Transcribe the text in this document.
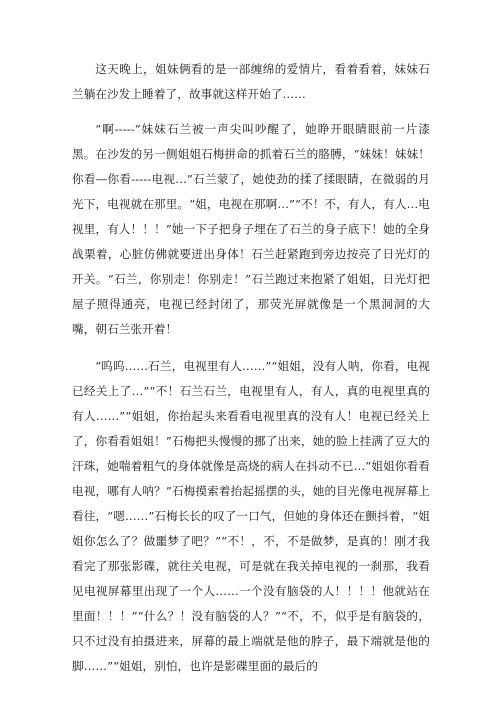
这天晚上，姐妹俩看的是一部缠绵的爱情片，看着看着，妹妹石兰躺在沙发上睡着了，故事就这样开始了……

“啊-----”妹妹石兰被一声尖叫吵醒了，她睁开眼睛眼前一片漆黑。在沙发的另一侧姐姐石梅拼命的抓着石兰的胳膊，“妹妹！妹妹！你看—你看-----电视…”石兰蒙了，她使劲的揉了揉眼睛，在微弱的月光下，电视就在那里。“姐，电视在那啊…”“不！不，有人，有人…电视里，有人！！！”她一下子把身子埋在了石兰的身子底下！她的全身战栗着，心脏仿佛就要迸出身体！石兰赶紧跑到旁边按亮了日光灯的开关。“石兰，你别走！你别走！”石兰跑过来抱紧了姐姐，日光灯把屋子照得通亮，电视已经封闭了，那荧光屏就像是一个黑洞洞的大嘴，朝石兰张开着！

“呜呜……石兰，电视里有人……”“姐姐，没有人呐，你看，电视已经关上了…”“不！石兰石兰，电视里有人，有人，真的电视里真的有人……”“姐姐，你抬起头来看看电视里真的没有人！电视已经关上了，你看看姐姐！”石梅把头慢慢的挪了出来，她的脸上挂满了豆大的汗珠，她喘着粗气的身体就像是高烧的病人在抖动不已…“姐姐你看看电视，哪有人呐？”石梅摸索着抬起摇摆的头，她的目光像电视屏幕上看往，“嗯……”石梅长长的叹了一口气，但她的身体还在颤抖着，“姐姐你怎么了？做噩梦了吧？”“不！，不，不是做梦，是真的！刚才我看完了那张影碟，就往关电视，可是就在我关掉电视的一刹那，我看见电视屏幕里出现了一个人……一个没有脑袋的人！！！！他就站在里面！！！”“什么？！没有脑袋的人？”“不，不，似乎是有脑袋的，只不过没有拍摄进来，屏幕的最上端就是他的脖子，最下端就是他的脚……”“姐姐，别怕，也许是影碟里面的最后的
